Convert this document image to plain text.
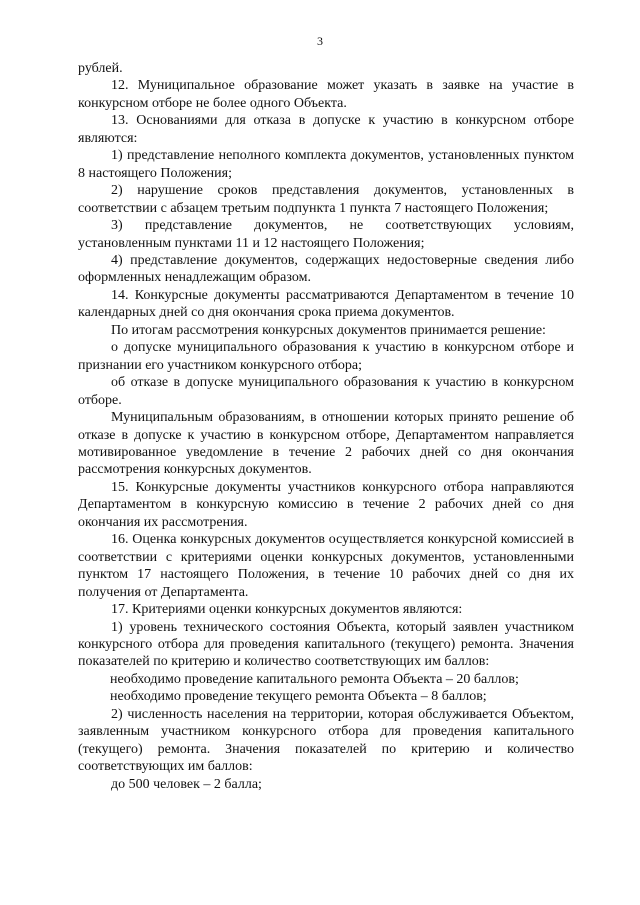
3

рублей.

12. Муниципальное образование может указать в заявке на участие в конкурсном отборе не более одного Объекта.

13. Основаниями для отказа в допуске к участию в конкурсном отборе являются:

1) представление неполного комплекта документов, установленных пунктом 8 настоящего Положения;

2) нарушение сроков представления документов, установленных в соответствии с абзацем третьим подпункта 1 пункта 7 настоящего Положения;

3) представление документов, не соответствующих условиям, установленным пунктами 11 и 12 настоящего Положения;

4) представление документов, содержащих недостоверные сведения либо оформленных ненадлежащим образом.

14. Конкурсные документы рассматриваются Департаментом в течение 10 календарных дней со дня окончания срока приема документов.

По итогам рассмотрения конкурсных документов принимается решение:

о допуске муниципального образования к участию в конкурсном отборе и признании его участником конкурсного отбора;

об отказе в допуске муниципального образования к участию в конкурсном отборе.

Муниципальным образованиям, в отношении которых принято решение об отказе в допуске к участию в конкурсном отборе, Департаментом направляется мотивированное уведомление в течение 2 рабочих дней со дня окончания рассмотрения конкурсных документов.

15. Конкурсные документы участников конкурсного отбора направляются Департаментом в конкурсную комиссию в течение 2 рабочих дней со дня окончания их рассмотрения.

16. Оценка конкурсных документов осуществляется конкурсной комиссией в соответствии с критериями оценки конкурсных документов, установленными пунктом 17 настоящего Положения, в течение 10 рабочих дней со дня их получения от Департамента.

17. Критериями оценки конкурсных документов являются:

1) уровень технического состояния Объекта, который заявлен участником конкурсного отбора для проведения капитального (текущего) ремонта. Значения показателей по критерию и количество соответствующих им баллов:

необходимо проведение капитального ремонта Объекта – 20 баллов;

необходимо проведение текущего ремонта Объекта – 8 баллов;

2) численность населения на территории, которая обслуживается Объектом, заявленным участником конкурсного отбора для проведения капитального (текущего) ремонта. Значения показателей по критерию и количество соответствующих им баллов:

до 500 человек – 2 балла;
